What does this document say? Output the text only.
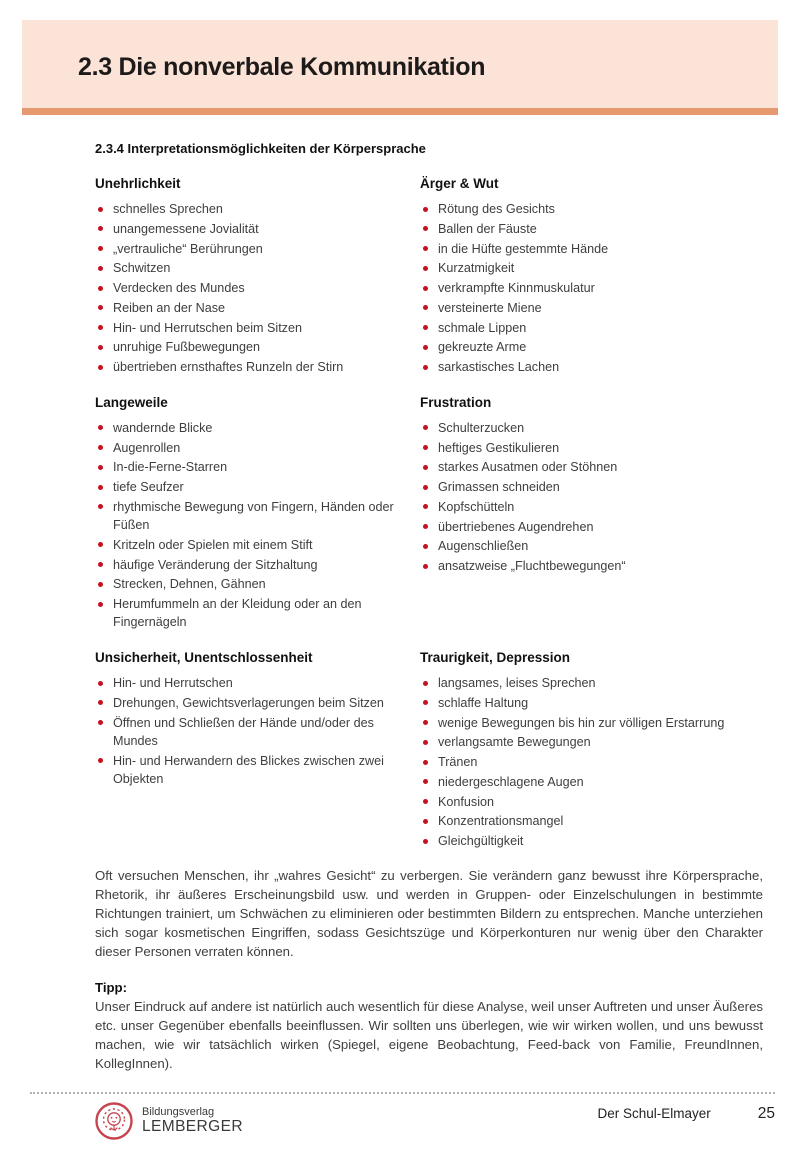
2.3 Die nonverbale Kommunikation
2.3.4 Interpretationsmöglichkeiten der Körpersprache
Unehrlichkeit
schnelles Sprechen
unangemessene Jovialität
„vertrauliche“ Berührungen
Schwitzen
Verdecken des Mundes
Reiben an der Nase
Hin- und Herrutschen beim Sitzen
unruhige Fußbewegungen
übertrieben ernsthaftes Runzeln der Stirn
Ärger & Wut
Rötung des Gesichts
Ballen der Fäuste
in die Hüfte gestemmte Hände
Kurzatmigkeit
verkrampfte Kinnmuskulatur
versteinerte Miene
schmale Lippen
gekreuzte Arme
sarkastisches Lachen
Langeweile
wandernde Blicke
Augenrollen
In-die-Ferne-Starren
tiefe Seufzer
rhythmische Bewegung von Fingern, Händen oder Füßen
Kritzeln oder Spielen mit einem Stift
häufige Veränderung der Sitzhaltung
Strecken, Dehnen, Gähnen
Herumfummeln an der Kleidung oder an den Fingernägeln
Frustration
Schulterzucken
heftiges Gestikulieren
starkes Ausatmen oder Stöhnen
Grimassen schneiden
Kopfschütteln
übertriebenes Augendrehen
Augenschließen
ansatzweise „Fluchtbewegungen“
Unsicherheit, Unentschlossenheit
Hin- und Herrutschen
Drehungen, Gewichtsverlagerungen beim Sitzen
Öffnen und Schließen der Hände und/oder des Mundes
Hin- und Herwandern des Blickes zwischen zwei Objekten
Traurigkeit, Depression
langsames, leises Sprechen
schlaffe Haltung
wenige Bewegungen bis hin zur völligen Erstarrung
verlangsamte Bewegungen
Tränen
niedergeschlagene Augen
Konfusion
Konzentrationsmangel
Gleichgültigkeit

Oft versuchen Menschen, ihr „wahres Gesicht“ zu verbergen. Sie verändern ganz bewusst ihre Körpersprache, Rhetorik, ihr äußeres Erscheinungsbild usw. und werden in Gruppen- oder Einzelschulungen in bestimmte Richtungen trainiert, um Schwächen zu eliminieren oder bestimmten Bildern zu entsprechen. Manche unterziehen sich sogar kosmetischen Eingriffen, sodass Gesichtszüge und Körperkonturen nur wenig über den Charakter dieser Personen verraten können.

Tipp:

Unser Eindruck auf andere ist natürlich auch wesentlich für diese Analyse, weil unser Auftreten und unser Äußeres etc. unser Gegenüber ebenfalls beeinflussen. Wir sollten uns überlegen, wie wir wirken wollen, und uns bewusst machen, wie wir tatsächlich wirken (Spiegel, eigene Beobachtung, Feed-back von Familie, FreundInnen, KollegInnen).

Bildungsverlag
LEMBERGER
Der Schul-Elmayer	25
